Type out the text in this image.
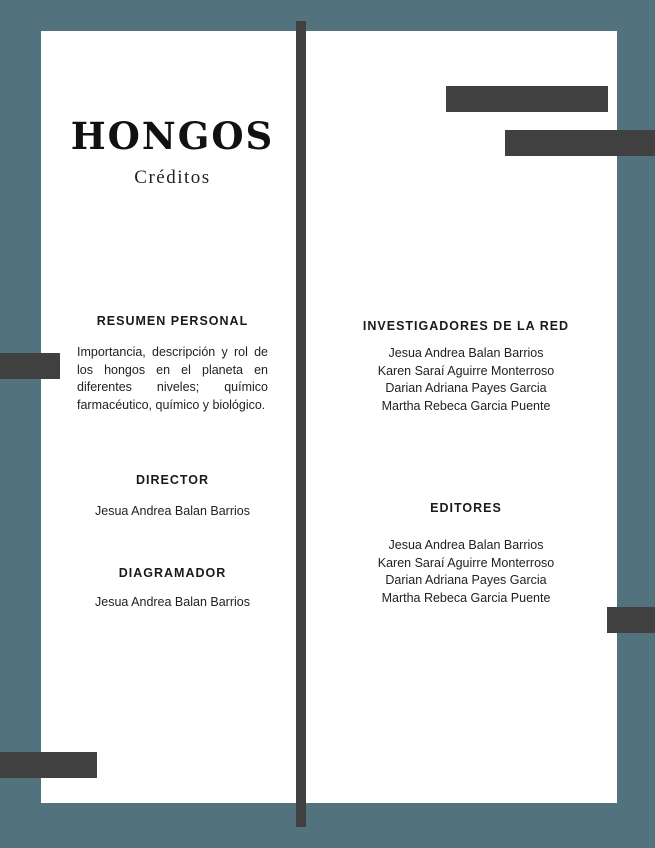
HONGOS
Créditos
RESUMEN PERSONAL
Importancia, descripción y rol de los hongos en el planeta en diferentes niveles; químico farmacéutico, químico y biológico.
DIRECTOR
Jesua Andrea Balan Barrios
DIAGRAMADOR
Jesua Andrea Balan Barrios
INVESTIGADORES DE LA RED
Jesua Andrea Balan Barrios
Karen Saraí Aguirre Monterroso
Darian Adriana Payes Garcia
Martha Rebeca Garcia Puente
EDITORES
Jesua Andrea Balan Barrios
Karen Saraí Aguirre Monterroso
Darian Adriana Payes Garcia
Martha Rebeca Garcia Puente
